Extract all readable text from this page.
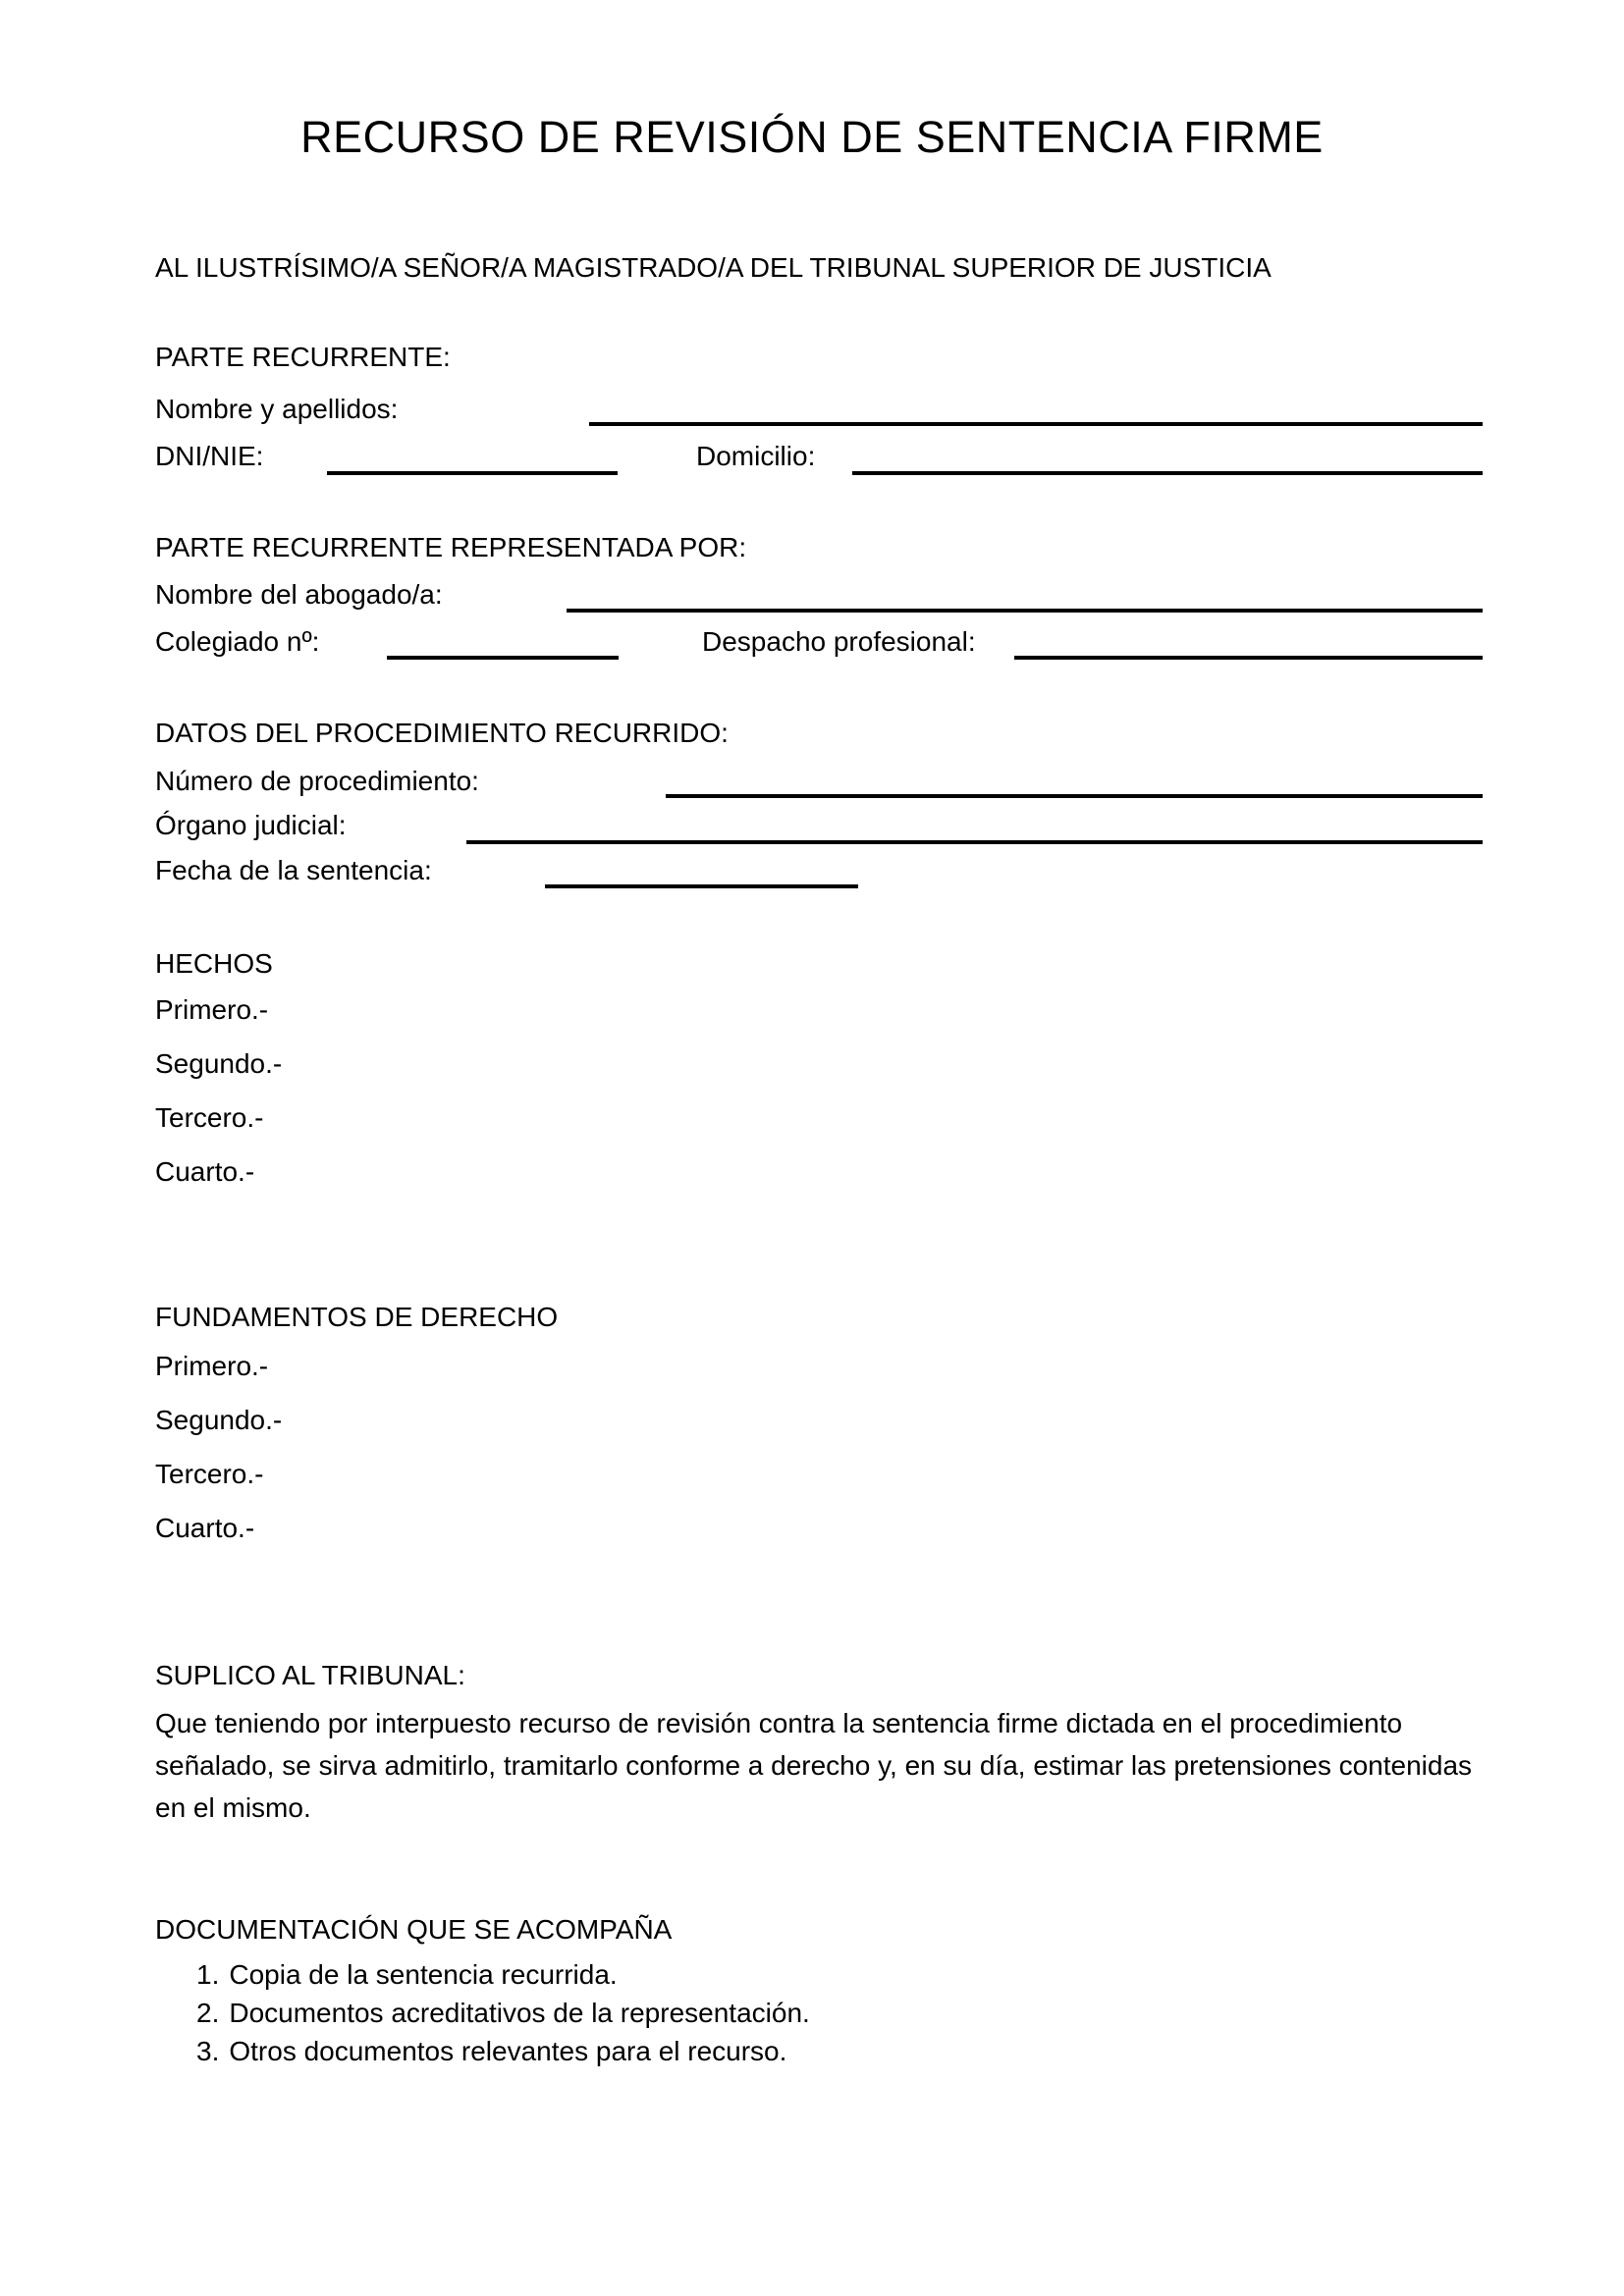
RECURSO DE REVISIÓN DE SENTENCIA FIRME
AL ILUSTRÍSIMO/A SEÑOR/A MAGISTRADO/A DEL TRIBUNAL SUPERIOR DE JUSTICIA
PARTE RECURRENTE:
Nombre y apellidos:
DNI/NIE:	Domicilio:
PARTE RECURRENTE REPRESENTADA POR:
Nombre del abogado/a:
Colegiado nº:	Despacho profesional:
DATOS DEL PROCEDIMIENTO RECURRIDO:
Número de procedimiento:
Órgano judicial:
Fecha de la sentencia:
HECHOS
Primero.-
Segundo.-
Tercero.-
Cuarto.-
FUNDAMENTOS DE DERECHO
Primero.-
Segundo.-
Tercero.-
Cuarto.-
SUPLICO AL TRIBUNAL:
Que teniendo por interpuesto recurso de revisión contra la sentencia firme dictada en el procedimiento
señalado, se sirva admitirlo, tramitarlo conforme a derecho y, en su día, estimar las pretensiones contenidas
en el mismo.
DOCUMENTACIÓN QUE SE ACOMPAÑA
1. Copia de la sentencia recurrida.
2. Documentos acreditativos de la representación.
3. Otros documentos relevantes para el recurso.
